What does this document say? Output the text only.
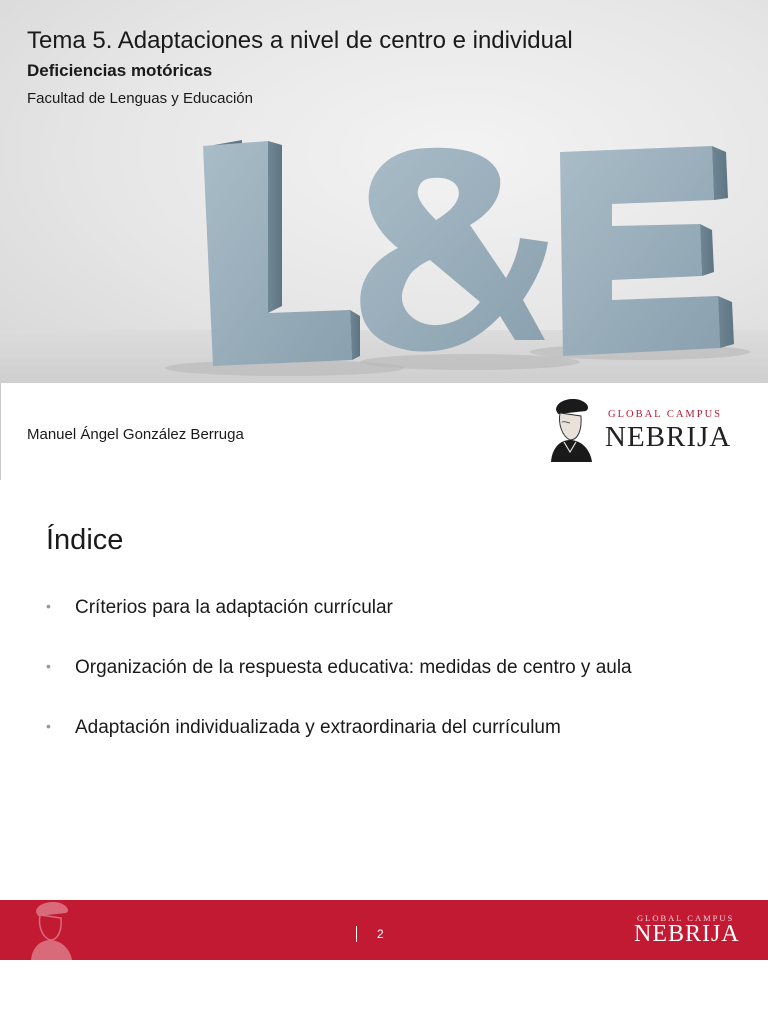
Tema 5. Adaptaciones a nivel de centro e individual
Deficiencias motóricas
Facultad de Lenguas y Educación
Manuel Ángel González Berruga
GLOBAL CAMPUS
NEBRIJA
Índice
• Críterios para la adaptación currícular
• Organización de la respuesta educativa: medidas de centro y aula
• Adaptación individualizada y extraordinaria del currículum
2
GLOBAL CAMPUS
NEBRIJA
